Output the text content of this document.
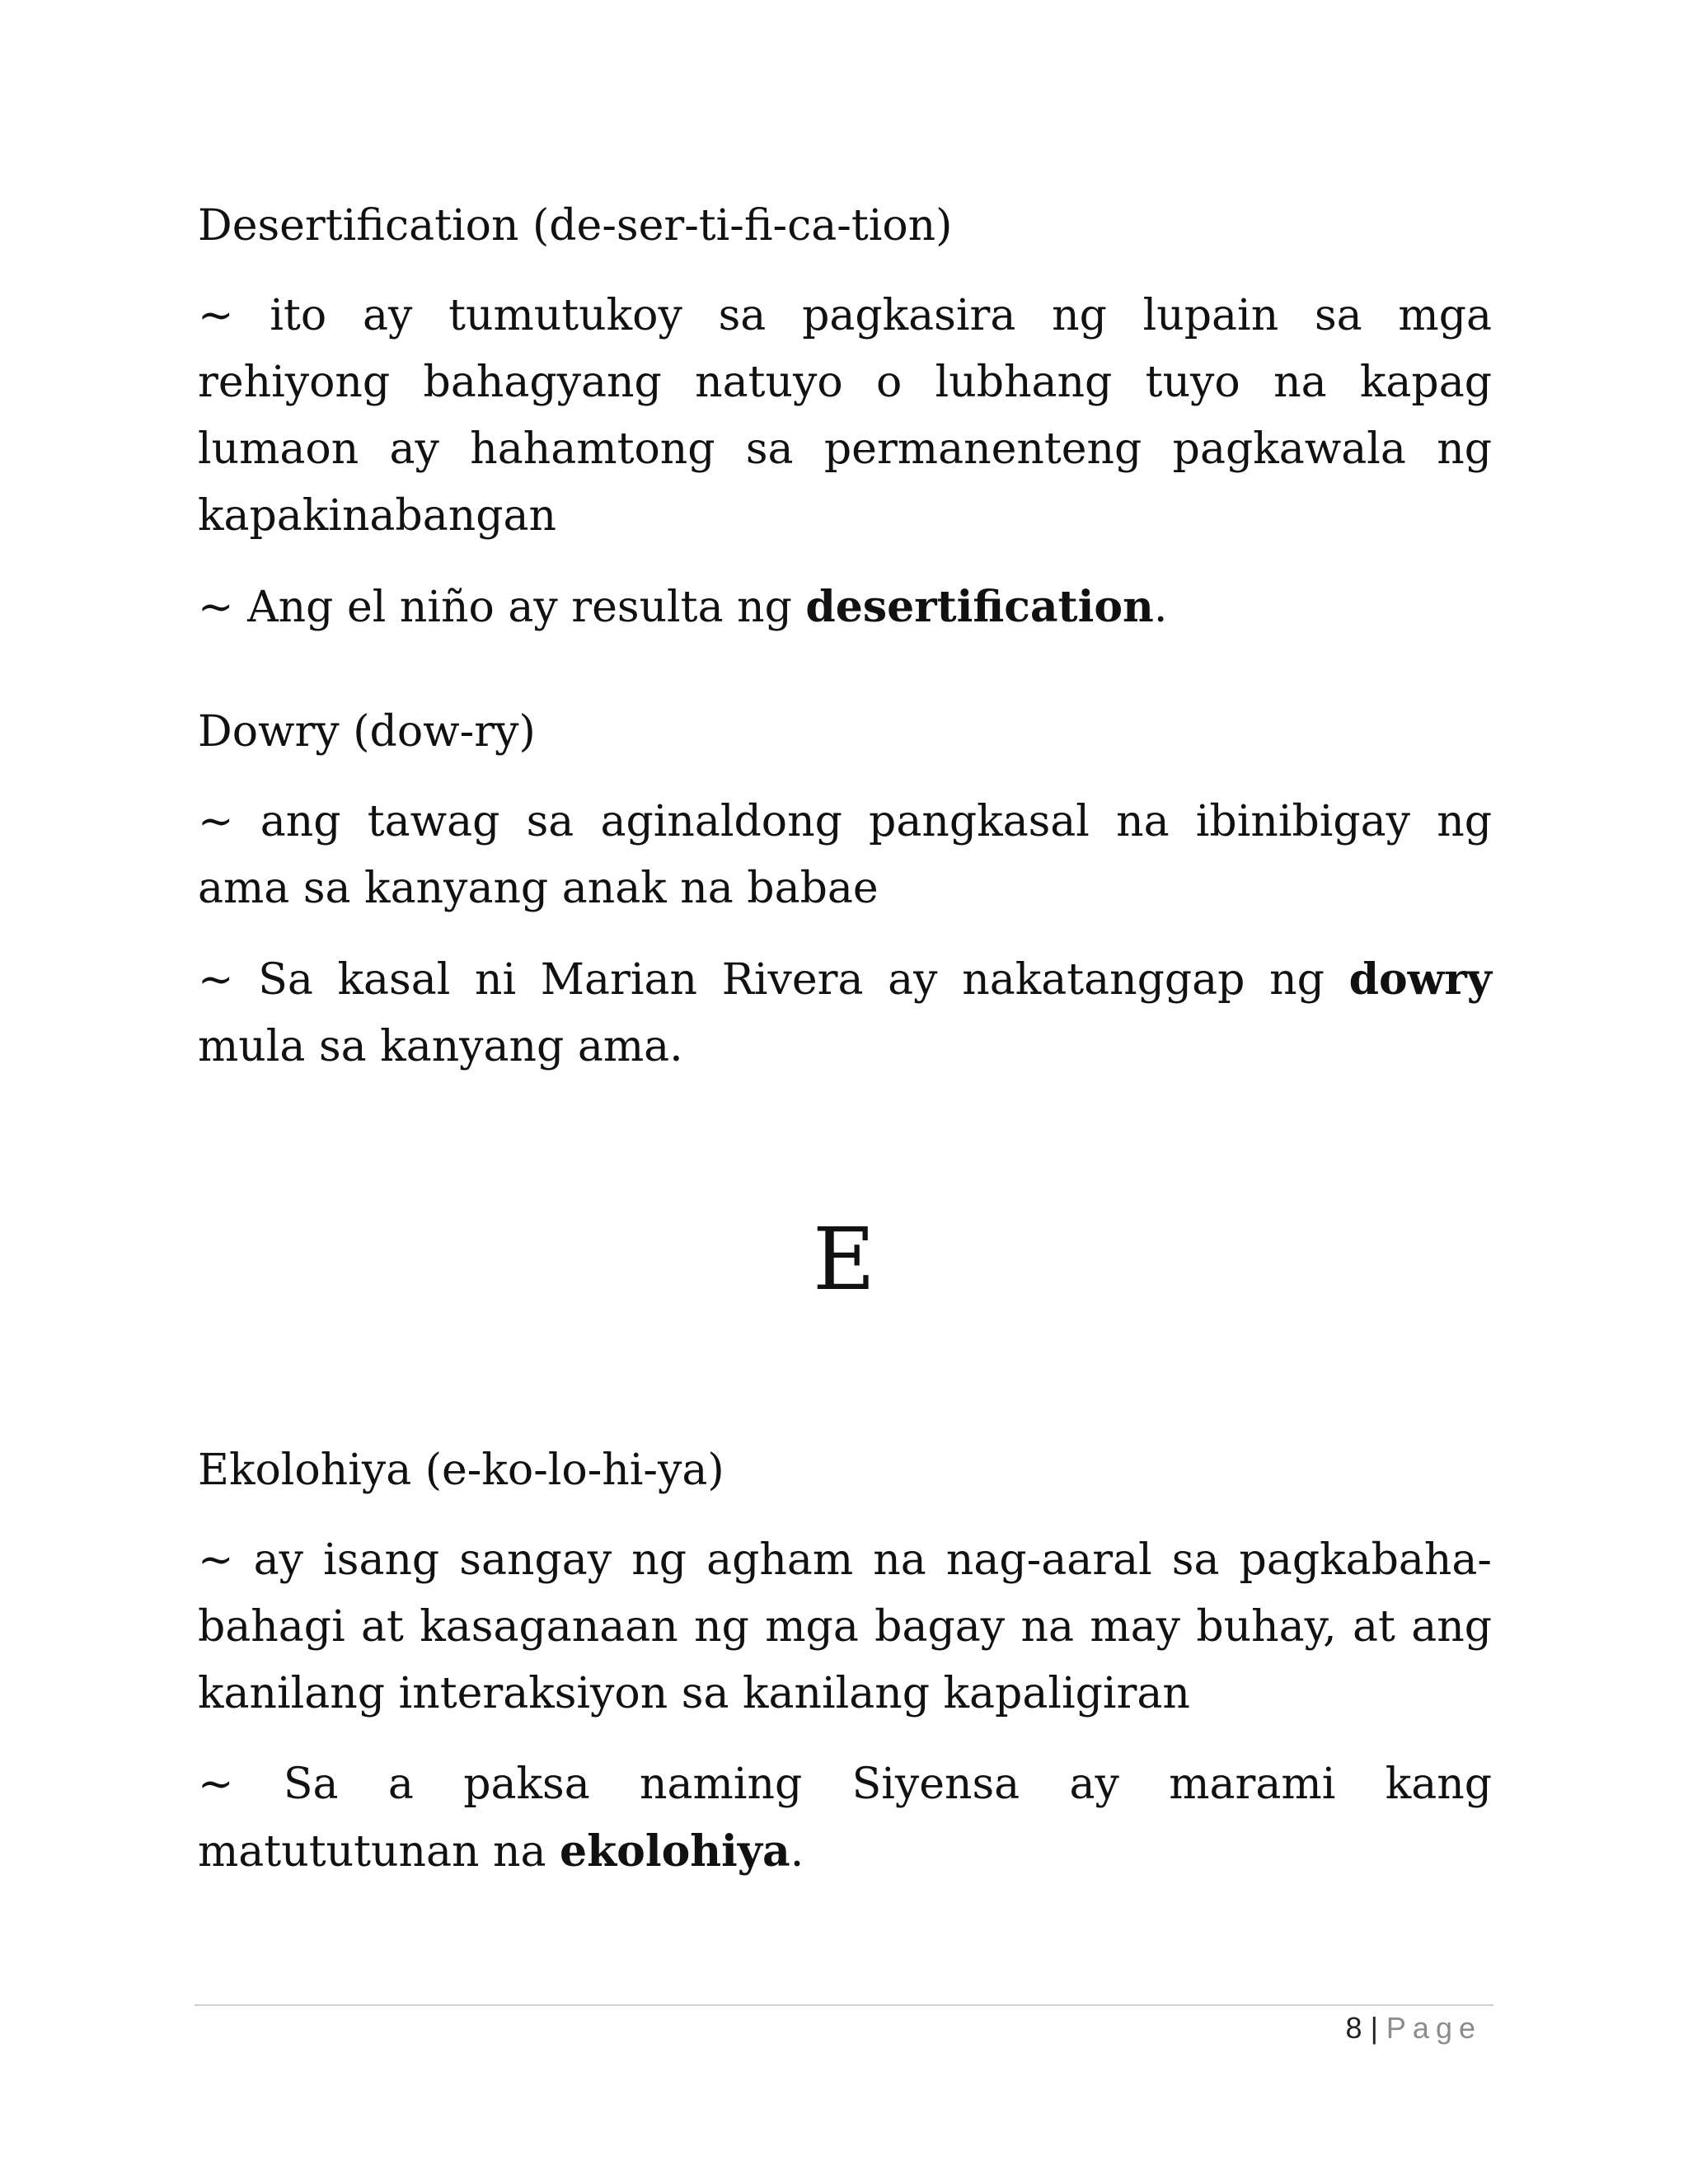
Desertification (de-ser-ti-fi-ca-tion)

~ ito ay tumutukoy sa pagkasira ng lupain sa mga rehiyong bahagyang natuyo o lubhang tuyo na kapag lumaon ay hahamtong sa permanenteng pagkawala ng kapakinabangan

~ Ang el niño ay resulta ng desertification.

Dowry (dow-ry)

~ ang tawag sa aginaldong pangkasal na ibinibigay ng ama sa kanyang anak na babae

~ Sa kasal ni Marian Rivera ay nakatanggap ng dowry mula sa kanyang ama.

E

Ekolohiya (e-ko-lo-hi-ya)

~ ay isang sangay ng agham na nag-aaral sa pagkabaha-bahagi at kasaganaan ng mga bagay na may buhay, at ang kanilang interaksiyon sa kanilang kapaligiran

~ Sa a paksa naming Siyensa ay marami kang matututunan na ekolohiya.

8 | Page
